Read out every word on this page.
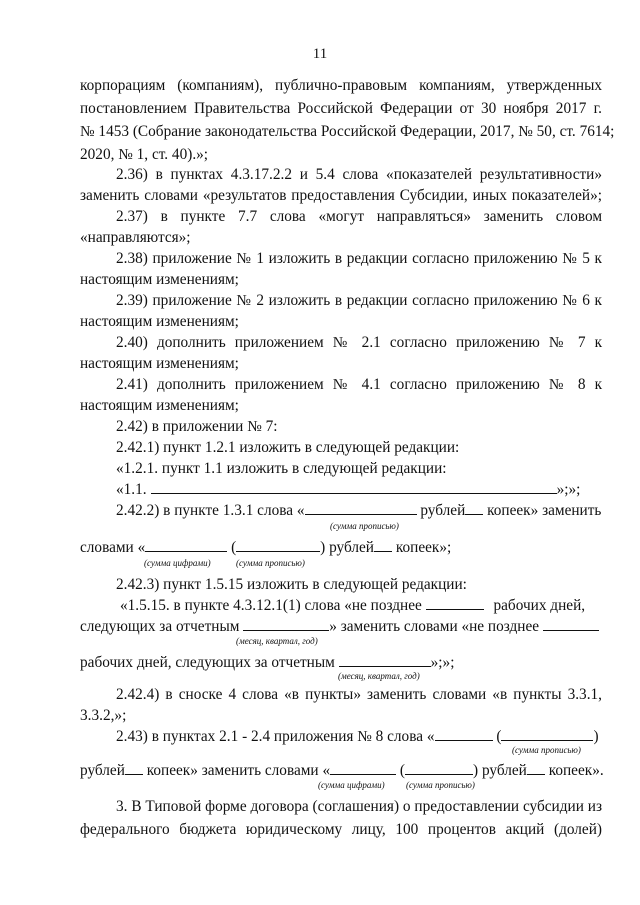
11
корпорациям (компаниям), публично-правовым компаниям, утвержденных
постановлением Правительства Российской Федерации от 30 ноября 2017 г.
№ 1453 (Собрание законодательства Российской Федерации, 2017, № 50, ст. 7614;
2020, № 1, ст. 40).»;
2.36) в пунктах 4.3.17.2.2 и 5.4 слова «показателей результативности»
заменить словами «результатов предоставления Субсидии, иных показателей»;
2.37) в пункте 7.7 слова «могут направляться» заменить словом
«направляются»;
2.38) приложение № 1 изложить в редакции согласно приложению № 5 к
настоящим изменениям;
2.39) приложение № 2 изложить в редакции согласно приложению № 6 к
настоящим изменениям;
2.40) дополнить приложением № 2.1 согласно приложению № 7 к
настоящим изменениям;
2.41) дополнить приложением № 4.1 согласно приложению № 8 к
настоящим изменениям;
2.42) в приложении № 7:
2.42.1) пункт 1.2.1 изложить в следующей редакции:
«1.2.1. пункт 1.1 изложить в следующей редакции:
«1.1.	»;»;
2.42.2) в пункте 1.3.1 слова «	рублей копеек» заменить
(сумма прописью)
словами «	(	) рублей копеек»;
(сумма цифрами)	(сумма прописью)
2.42.3) пункт 1.5.15 изложить в следующей редакции:
«1.5.15. в пункте 4.3.12.1(1) слова «не позднее	рабочих дней,
следующих за отчетным	» заменить словами «не позднее
(месяц, квартал, год)
рабочих дней, следующих за отчетным	»;»;
(месяц, квартал, год)
2.42.4) в сноске 4 слова «в пункты» заменить словами «в пункты 3.3.1,
3.3.2,»;
2.43) в пунктах 2.1 - 2.4 приложения № 8 слова «	(	)
(сумма прописью)
рублей копеек» заменить словами «	(	) рублей копеек».
(сумма цифрами) (сумма прописью)
3. В Типовой форме договора (соглашения) о предоставлении субсидии из
федерального бюджета юридическому лицу, 100 процентов акций (долей)
